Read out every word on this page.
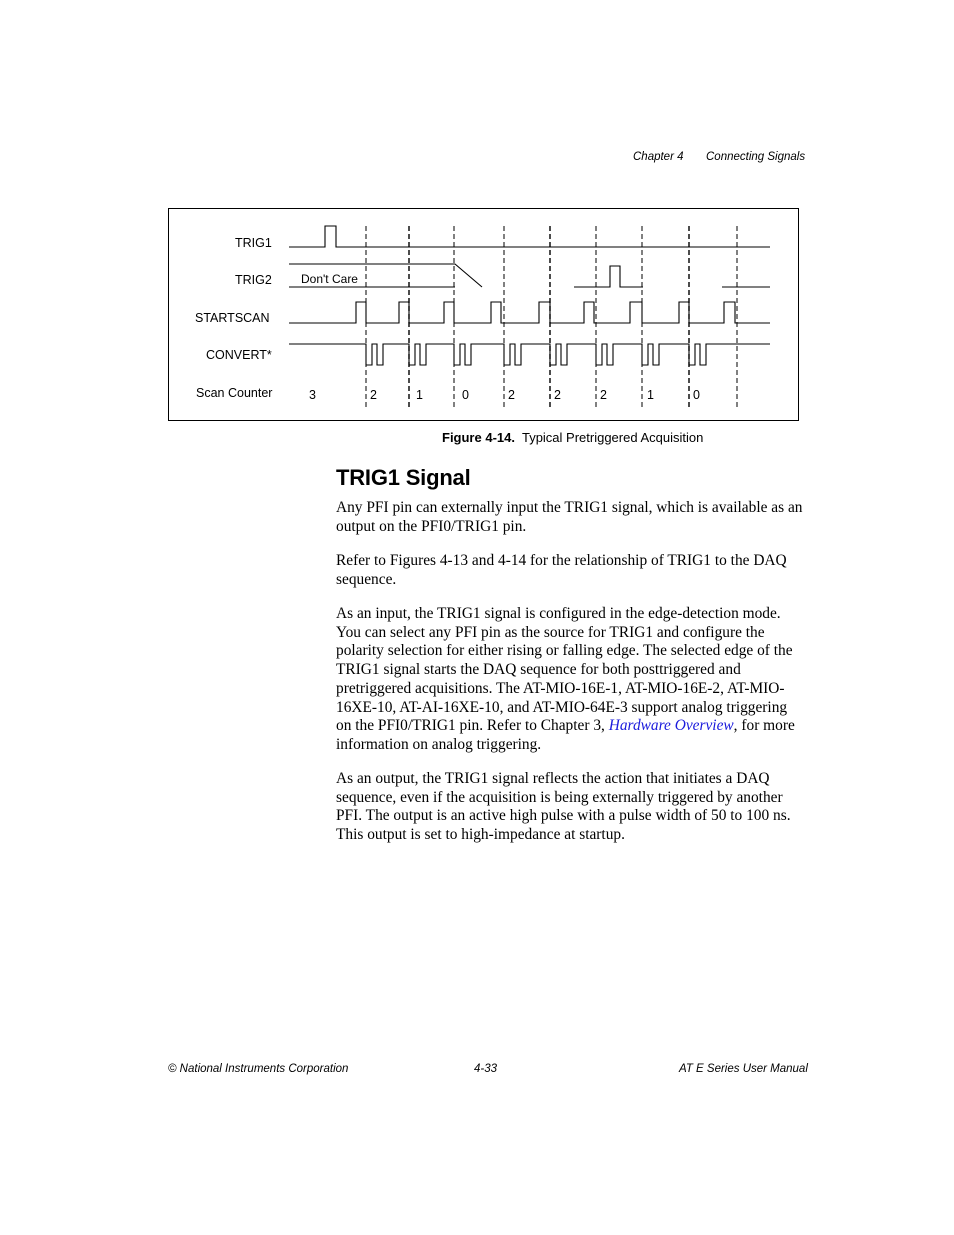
Chapter 4 Connecting Signals
3	2	1	0	2	2	2	1	0
Don't Care
TRIG1
TRIG2
STARTSCAN
CONVERT*
Scan Counter
Figure 4-14. Typical Pretriggered Acquisition
TRIG1 Signal

Any PFI pin can externally input the TRIG1 signal, which is available as an output on the PFI0/TRIG1 pin.

Refer to Figures 4-13 and 4-14 for the relationship of TRIG1 to the DAQ sequence.

As an input, the TRIG1 signal is configured in the edge-detection mode. You can select any PFI pin as the source for TRIG1 and configure the polarity selection for either rising or falling edge. The selected edge of the TRIG1 signal starts the DAQ sequence for both posttriggered and pretriggered acquisitions. The AT-MIO-16E-1, AT-MIO-16E-2, AT-MIO-16XE-10, AT-AI-16XE-10, and AT-MIO-64E-3 support analog triggering on the PFI0/TRIG1 pin. Refer to Chapter 3, Hardware Overview, for more information on analog triggering.

As an output, the TRIG1 signal reflects the action that initiates a DAQ sequence, even if the acquisition is being externally triggered by another PFI. The output is an active high pulse with a pulse width of 50 to 100 ns. This output is set to high-impedance at startup.

© National Instruments Corporation	4-33	AT E Series User Manual
